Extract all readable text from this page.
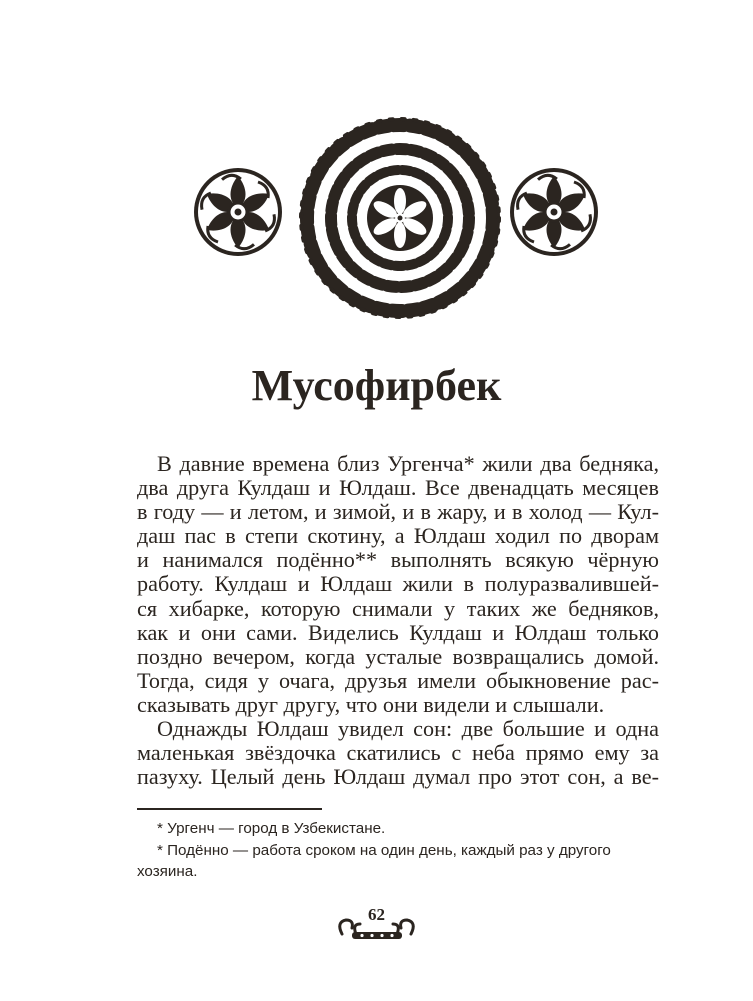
Мусофирбек
В давние времена близ Ургенча* жили два бедняка,
два друга Кулдаш и Юлдаш. Все двенадцать месяцев
в году — и летом, и зимой, и в жару, и в холод — Кул-
даш пас в степи скотину, а Юлдаш ходил по дворам
и нанимался подённо** выполнять всякую чёрную
работу. Кулдаш и Юлдаш жили в полуразвалившей-
ся хибарке, которую снимали у таких же бедняков,
как и они сами. Виделись Кулдаш и Юлдаш только
поздно вечером, когда усталые возвращались домой.
Тогда, сидя у очага, друзья имели обыкновение рас-
сказывать друг другу, что они видели и слышали.
Однажды Юлдаш увидел сон: две большие и одна
маленькая звёздочка скатились с неба прямо ему за
пазуху. Целый день Юлдаш думал про этот сон, а ве-
* Ургенч — город в Узбекистане.
* Подённо — работа сроком на один день, каждый раз у другого
хозяина.
62
